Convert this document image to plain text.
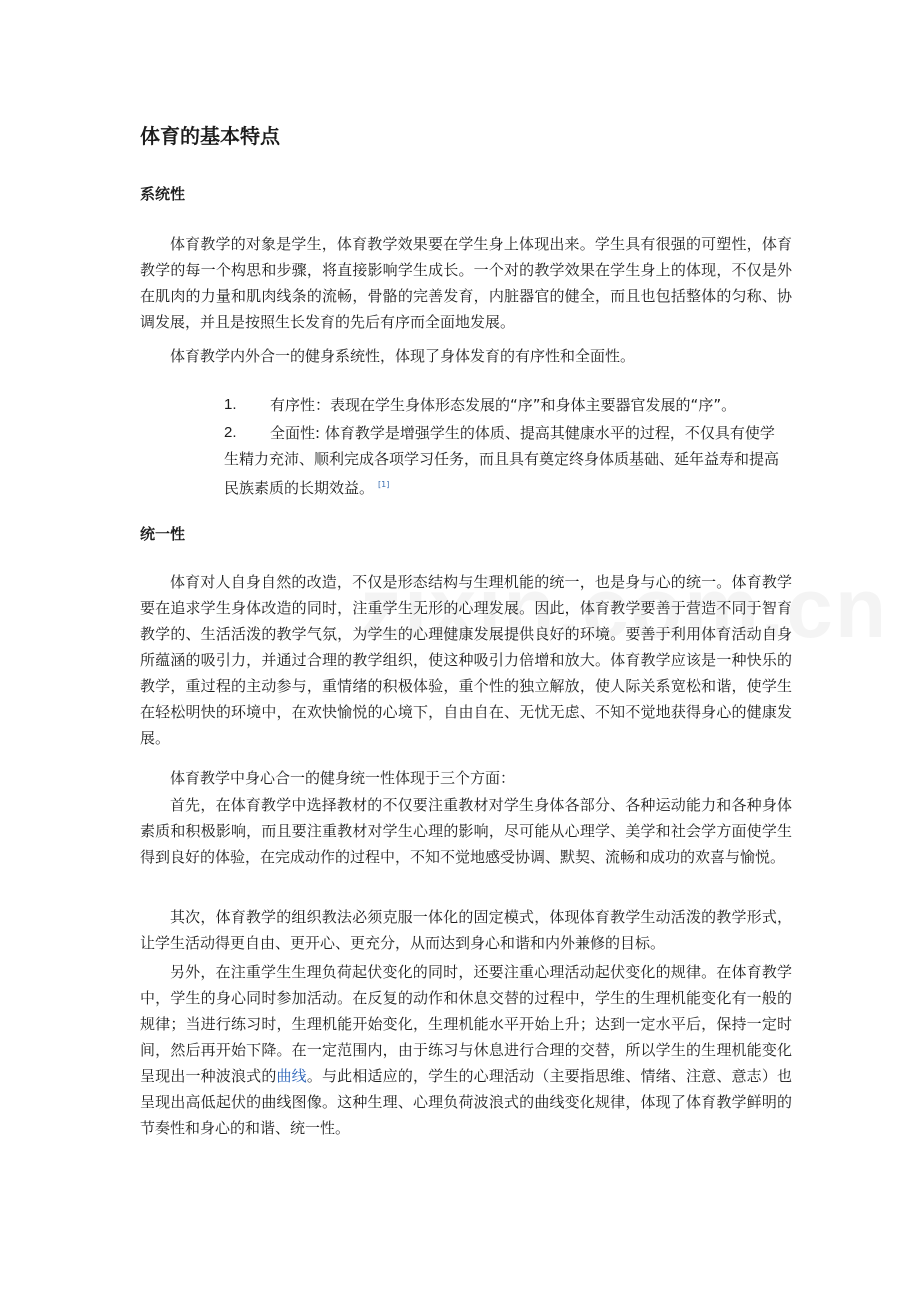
体育的基本特点
系统性

体育教学的对象是学生，体育教学效果要在学生身上体现出来。学生具有很强的可塑性，体育教学的每一个构思和步骤，将直接影响学生成长。一个对的教学效果在学生身上的体现，不仅是外在肌肉的力量和肌肉线条的流畅，骨骼的完善发育，内脏器官的健全，而且也包括整体的匀称、协调发展，并且是按照生长发育的先后有序而全面地发展。

体育教学内外合一的健身系统性，体现了身体发育的有序性和全面性。

1. 有序性：表现在学生身体形态发展的“序”和身体主要器官发展的“序”。
2. 全面性: 体育教学是增强学生的体质、提高其健康水平的过程，不仅具有使学生精力充沛、顺利完成各项学习任务，而且具有奠定终身体质基础、延年益寿和提高民族素质的长期效益。 [1]
统一性

体育对人自身自然的改造，不仅是形态结构与生理机能的统一，也是身与心的统一。体育教学要在追求学生身体改造的同时，注重学生无形的心理发展。因此，体育教学要善于营造不同于智育教学的、生活活泼的教学气氛，为学生的心理健康发展提供良好的环境。要善于利用体育活动自身所蕴涵的吸引力，并通过合理的教学组织，使这种吸引力倍增和放大。体育教学应该是一种快乐的教学，重过程的主动参与，重情绪的积极体验，重个性的独立解放，使人际关系宽松和谐，使学生在轻松明快的环境中，在欢快愉悦的心境下，自由自在、无忧无虑、不知不觉地获得身心的健康发展。

体育教学中身心合一的健身统一性体现于三个方面：

首先，在体育教学中选择教材的不仅要注重教材对学生身体各部分、各种运动能力和各种身体素质和积极影响，而且要注重教材对学生心理的影响，尽可能从心理学、美学和社会学方面使学生得到良好的体验，在完成动作的过程中，不知不觉地感受协调、默契、流畅和成功的欢喜与愉悦。

其次，体育教学的组织教法必须克服一体化的固定模式，体现体育教学生动活泼的教学形式，让学生活动得更自由、更开心、更充分，从而达到身心和谐和内外兼修的目标。

另外，在注重学生生理负荷起伏变化的同时，还要注重心理活动起伏变化的规律。在体育教学中，学生的身心同时参加活动。在反复的动作和休息交替的过程中，学生的生理机能变化有一般的规律；当进行练习时，生理机能开始变化，生理机能水平开始上升；达到一定水平后，保持一定时间，然后再开始下降。在一定范围内，由于练习与休息进行合理的交替，所以学生的生理机能变化呈现出一种波浪式的曲线。与此相适应的，学生的心理活动（主要指思维、情绪、注意、意志）也呈现出高低起伏的曲线图像。这种生理、心理负荷波浪式的曲线变化规律，体现了体育教学鲜明的节奏性和身心的和谐、统一性。
